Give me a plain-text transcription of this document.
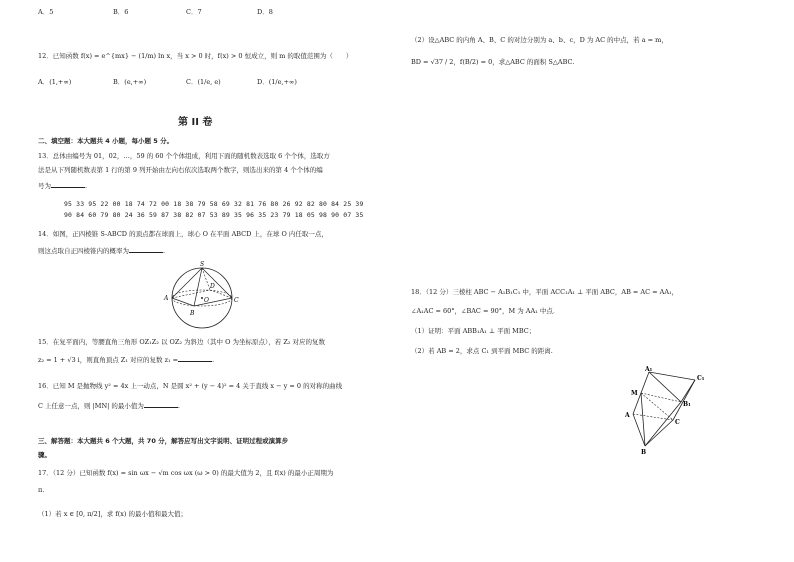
A．5	B．6	C．7	D．8
12．已知函数 f(x) = e^{mx} − (1/m) ln x，当 x > 0 时，f(x) > 0 恒成立，则 m 的取值范围为（　　）
A．(1,+∞)	B．(e,+∞)	C．(1/e, e)	D．(1/e,+∞)
第 II 卷
二、填空题：本大题共 4 小题，每小题 5 分。
13．总体由编号为 01，02，…，59 的 60 个个体组成，利用下面的随机数表选取 6 个个体，选取方
法是从下列随机数表第 1 行的第 9 列开始由左向右依次选取两个数字，则选出来的第 4 个个体的编
号为	.
95 33 95 22 00 18 74 72 00 18 38 79 58 69 32 81 76 80 26 92 82 80 84 25 39
90 84 60 79 80 24 36 59 87 38 82 07 53 89 35 96 35 23 79 18 05 98 90 07 35
14．如图，正四棱锥 S-ABCD 的顶点都在球面上，球心 O 在平面 ABCD 上，在球 O 内任取一点，
则这点取自正四棱锥内的概率为	.
S
D
A	O	C
B
15．在复平面内，等腰直角三角形 OZ₁Z₂ 以 OZ₂ 为斜边（其中 O 为坐标原点），若 Z₂ 对应的复数
z₂ = 1 + √3 i，则直角顶点 Z₁ 对应的复数 z₁ =	.
16．已知 M 是抛物线 y² = 4x 上一动点，N 是圆 x² + (y − 4)² = 4 关于直线 x − y = 0 的对称的曲线
C 上任意一点，则 |MN| 的最小值为	.
三、解答题：本大题共 6 个大题，共 70 分，解答应写出文字说明、证明过程或演算步
骤。
17．（12 分）已知函数 f(x) = sin ωx − √m cos ωx (ω > 0) 的最大值为 2，且 f(x) 的最小正周期为
π.
（1）若 x ∈ [0, π/2]，求 f(x) 的最小值和最大值；
（2）设△ABC 的内角 A、B、C 的对边分别为 a、b、c，D 为 AC 的中点，若 a = m，
BD = √37 / 2，f(B/2) = 0，求△ABC 的面积 S△ABC.
18．（12 分）三棱柱 ABC − A₁B₁C₁ 中，平面 ACC₁A₁ ⊥ 平面 ABC，AB = AC = AA₁，
∠A₁AC = 60°，∠BAC = 90°，M 为 AA₁ 中点．
（1）证明：平面 ABB₁A₁ ⊥ 平面 MBC；
（2）若 AB = 2，求点 C₁ 到平面 MBC 的距离.
A₁
C₁
M
B₁
A
C
B
